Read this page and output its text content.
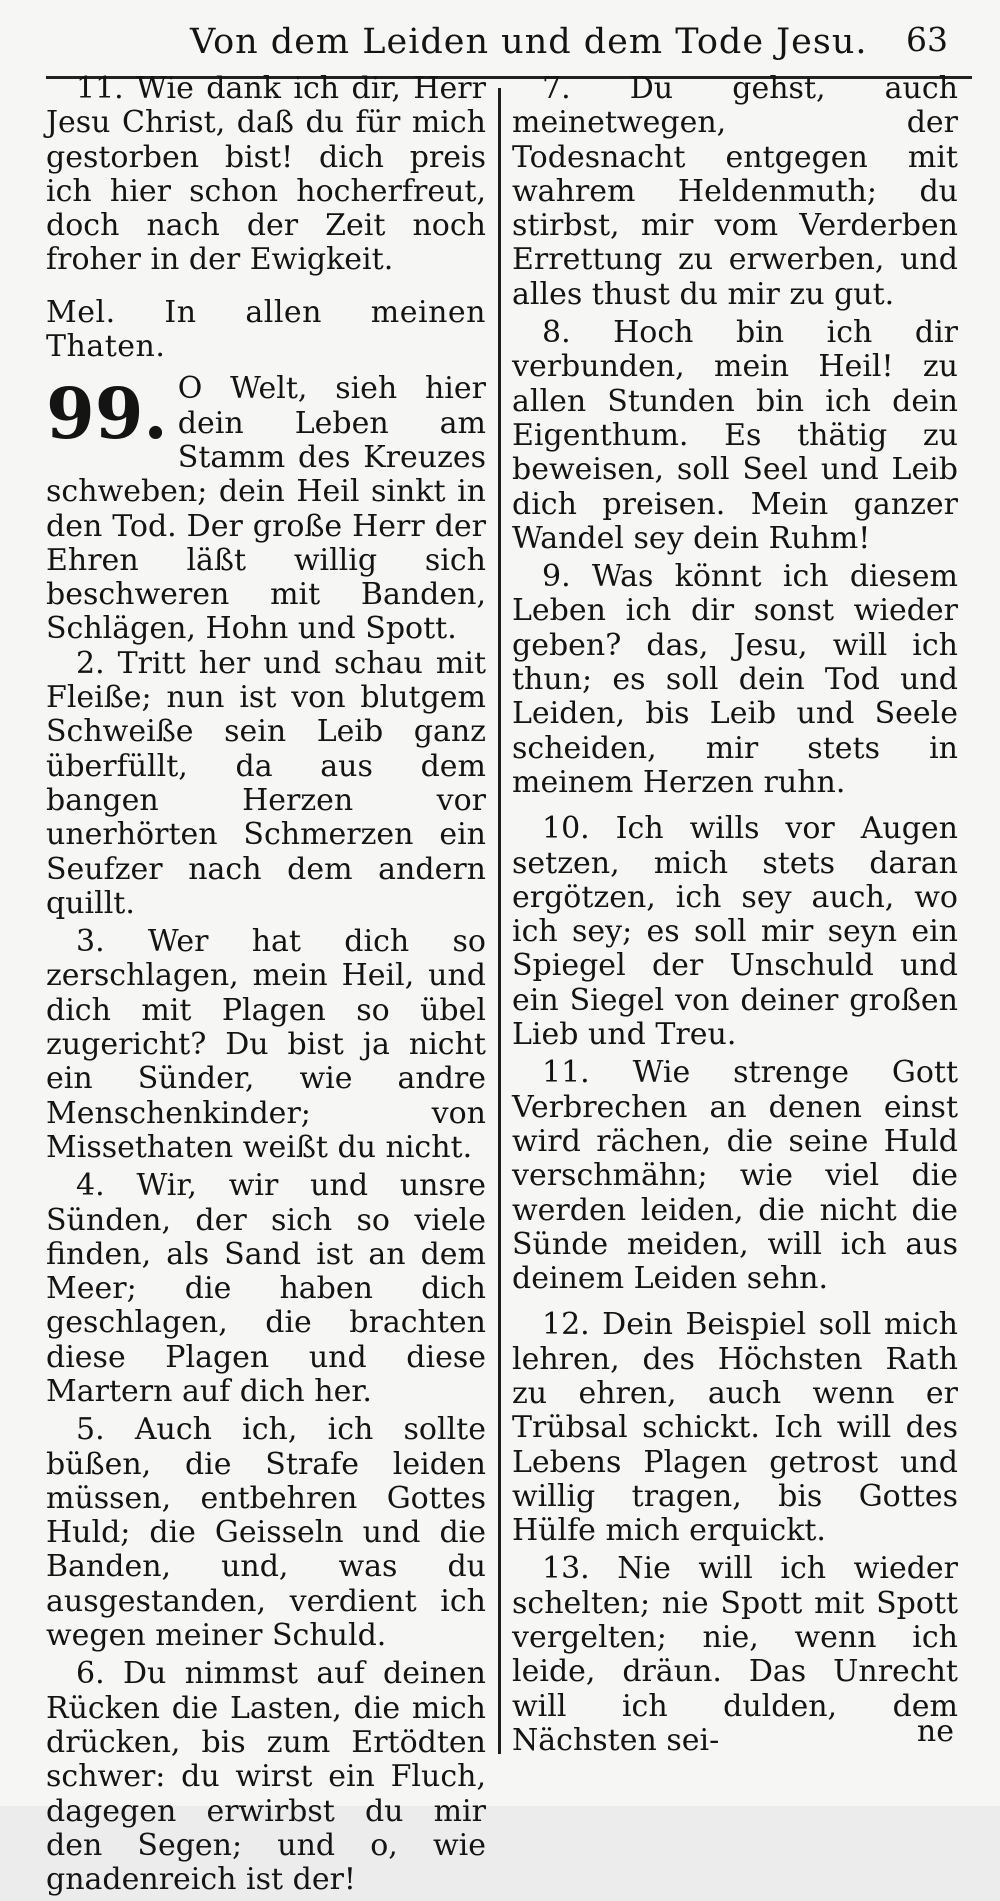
Von dem Leiden und dem Tode Jesu. 63

11. Wie dank ich dir, Herr Jesu Christ, daß du für mich gestorben bist! dich preis ich hier schon hocherfreut, doch nach der Zeit noch froher in der Ewigkeit.

Mel. In allen meinen Thaten.

99. O Welt, sieh hier dein Leben am Stamm des Kreuzes schweben; dein Heil sinkt in den Tod. Der große Herr der Ehren läßt willig sich beschweren mit Banden, Schlägen, Hohn und Spott.

2. Tritt her und schau mit Fleiße; nun ist von blutgem Schweiße sein Leib ganz überfüllt, da aus dem bangen Herzen vor unerhörten Schmerzen ein Seufzer nach dem andern quillt.

3. Wer hat dich so zerschlagen, mein Heil, und dich mit Plagen so übel zugericht? Du bist ja nicht ein Sünder, wie andre Menschenkinder; von Missethaten weißt du nicht.

4. Wir, wir und unsre Sünden, der sich so viele finden, als Sand ist an dem Meer; die haben dich geschlagen, die brachten diese Plagen und diese Martern auf dich her.

5. Auch ich, ich sollte büßen, die Strafe leiden müssen, entbehren Gottes Huld; die Geisseln und die Banden, und, was du ausgestanden, verdient ich wegen meiner Schuld.

6. Du nimmst auf deinen Rücken die Lasten, die mich drücken, bis zum Ertödten schwer: du wirst ein Fluch, dagegen erwirbst du mir den Segen; und o, wie gnadenreich ist der!

7. Du gehst, auch meinetwegen, der Todesnacht entgegen mit wahrem Heldenmuth; du stirbst, mir vom Verderben Errettung zu erwerben, und alles thust du mir zu gut.

8. Hoch bin ich dir verbunden, mein Heil! zu allen Stunden bin ich dein Eigenthum. Es thätig zu beweisen, soll Seel und Leib dich preisen. Mein ganzer Wandel sey dein Ruhm!

9. Was könnt ich diesem Leben ich dir sonst wieder geben? das, Jesu, will ich thun; es soll dein Tod und Leiden, bis Leib und Seele scheiden, mir stets in meinem Herzen ruhn.

10. Ich wills vor Augen setzen, mich stets daran ergötzen, ich sey auch, wo ich sey; es soll mir seyn ein Spiegel der Unschuld und ein Siegel von deiner großen Lieb und Treu.

11. Wie strenge Gott Verbrechen an denen einst wird rächen, die seine Huld verschmähn; wie viel die werden leiden, die nicht die Sünde meiden, will ich aus deinem Leiden sehn.

12. Dein Beispiel soll mich lehren, des Höchsten Rath zu ehren, auch wenn er Trübsal schickt. Ich will des Lebens Plagen getrost und willig tragen, bis Gottes Hülfe mich erquickt.

13. Nie will ich wieder schelten; nie Spott mit Spott vergelten; nie, wenn ich leide, dräun. Das Unrecht will ich dulden, dem Nächsten sei-	ne
